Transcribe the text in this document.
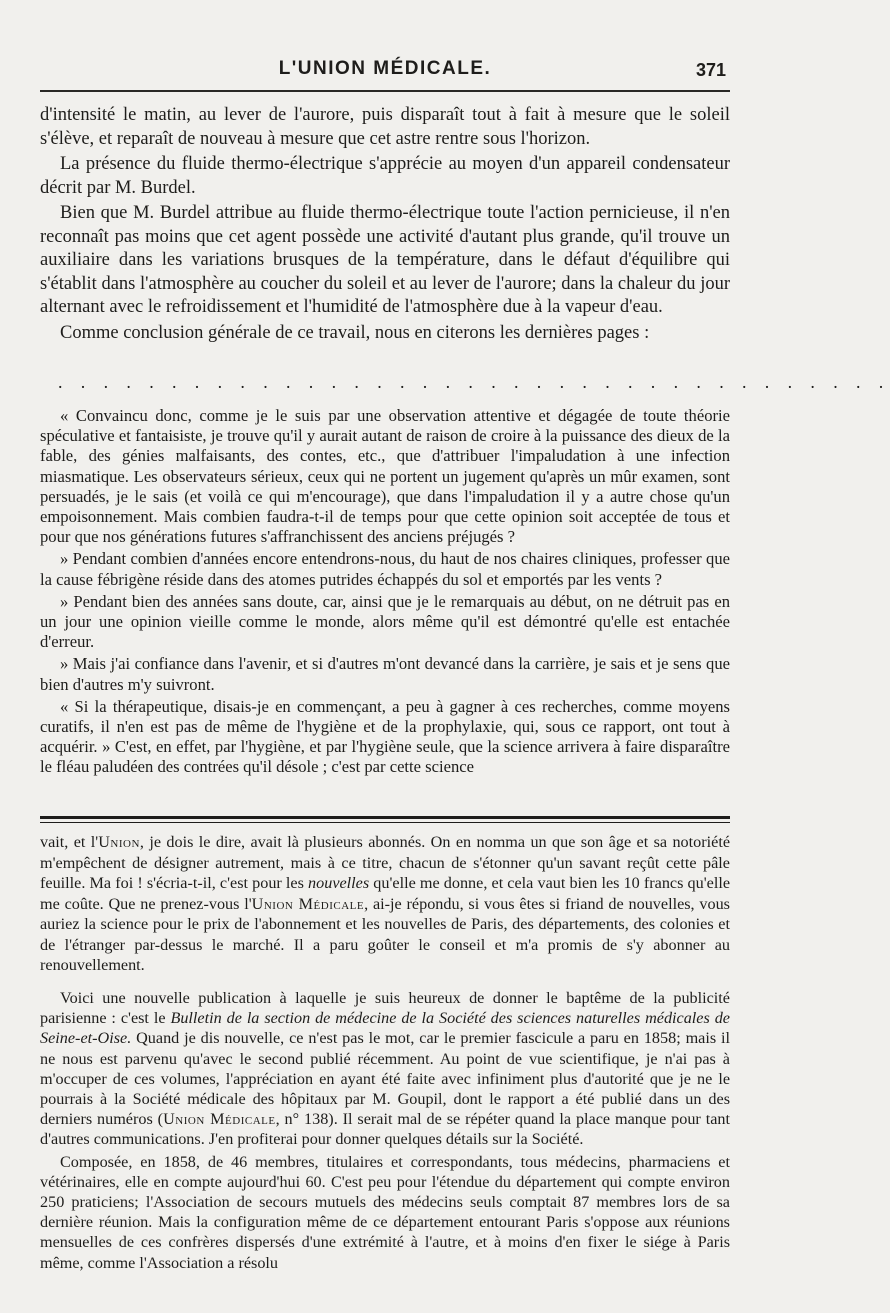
L'UNION MÉDICALE.	371

d'intensité le matin, au lever de l'aurore, puis disparaît tout à fait à mesure que le soleil s'élève, et reparaît de nouveau à mesure que cet astre rentre sous l'horizon.

La présence du fluide thermo-électrique s'apprécie au moyen d'un appareil condensateur décrit par M. Burdel.

Bien que M. Burdel attribue au fluide thermo-électrique toute l'action pernicieuse, il n'en reconnaît pas moins que cet agent possède une activité d'autant plus grande, qu'il trouve un auxiliaire dans les variations brusques de la température, dans le défaut d'équilibre qui s'établit dans l'atmosphère au coucher du soleil et au lever de l'aurore; dans la chaleur du jour alternant avec le refroidissement et l'humidité de l'atmosphère due à la vapeur d'eau.

Comme conclusion générale de ce travail, nous en citerons les dernières pages :

. . . . . . . . . . . . . . . . . . . . . . . . . . . . . . . . . . . . .

« Convaincu donc, comme je le suis par une observation attentive et dégagée de toute théorie spéculative et fantaisiste, je trouve qu'il y aurait autant de raison de croire à la puissance des dieux de la fable, des génies malfaisants, des contes, etc., que d'attribuer l'impaludation à une infection miasmatique. Les observateurs sérieux, ceux qui ne portent un jugement qu'après un mûr examen, sont persuadés, je le sais (et voilà ce qui m'encourage), que dans l'impaludation il y a autre chose qu'un empoisonnement. Mais combien faudra-t-il de temps pour que cette opinion soit acceptée de tous et pour que nos générations futures s'affranchissent des anciens préjugés ?

» Pendant combien d'années encore entendrons-nous, du haut de nos chaires cliniques, professer que la cause fébrigène réside dans des atomes putrides échappés du sol et emportés par les vents ?

» Pendant bien des années sans doute, car, ainsi que je le remarquais au début, on ne détruit pas en un jour une opinion vieille comme le monde, alors même qu'il est démontré qu'elle est entachée d'erreur.

» Mais j'ai confiance dans l'avenir, et si d'autres m'ont devancé dans la carrière, je sais et je sens que bien d'autres m'y suivront.

« Si la thérapeutique, disais-je en commençant, a peu à gagner à ces recherches, comme moyens curatifs, il n'en est pas de même de l'hygiène et de la prophylaxie, qui, sous ce rapport, ont tout à acquérir. » C'est, en effet, par l'hygiène, et par l'hygiène seule, que la science arrivera à faire disparaître le fléau paludéen des contrées qu'il désole ; c'est par cette science

vait, et l'Union, je dois le dire, avait là plusieurs abonnés. On en nomma un que son âge et sa notoriété m'empêchent de désigner autrement, mais à ce titre, chacun de s'étonner qu'un savant reçût cette pâle feuille. Ma foi ! s'écria-t-il, c'est pour les nouvelles qu'elle me donne, et cela vaut bien les 10 francs qu'elle me coûte. Que ne prenez-vous l'Union Médicale, ai-je répondu, si vous êtes si friand de nouvelles, vous auriez la science pour le prix de l'abonnement et les nouvelles de Paris, des départements, des colonies et de l'étranger par-dessus le marché. Il a paru goûter le conseil et m'a promis de s'y abonner au renouvellement.

Voici une nouvelle publication à laquelle je suis heureux de donner le baptême de la publicité parisienne : c'est le Bulletin de la section de médecine de la Société des sciences naturelles médicales de Seine-et-Oise. Quand je dis nouvelle, ce n'est pas le mot, car le premier fascicule a paru en 1858; mais il ne nous est parvenu qu'avec le second publié récemment. Au point de vue scientifique, je n'ai pas à m'occuper de ces volumes, l'appréciation en ayant été faite avec infiniment plus d'autorité que je ne le pourrais à la Société médicale des hôpitaux par M. Goupil, dont le rapport a été publié dans un des derniers numéros (Union Médicale, n° 138). Il serait mal de se répéter quand la place manque pour tant d'autres communications. J'en profiterai pour donner quelques détails sur la Société.

Composée, en 1858, de 46 membres, titulaires et correspondants, tous médecins, pharmaciens et vétérinaires, elle en compte aujourd'hui 60. C'est peu pour l'étendue du département qui compte environ 250 praticiens; l'Association de secours mutuels des médecins seuls comptait 87 membres lors de sa dernière réunion. Mais la configuration même de ce département entourant Paris s'oppose aux réunions mensuelles de ces confrères dispersés d'une extrémité à l'autre, et à moins d'en fixer le siége à Paris même, comme l'Association a résolu
